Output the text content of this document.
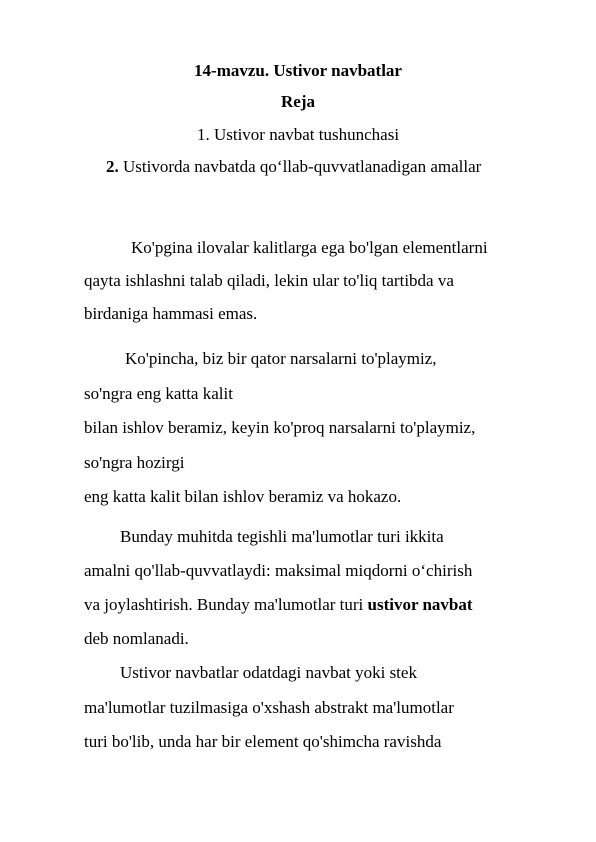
14-mavzu. Ustivor navbatlar
Reja
1. Ustivor navbat tushunchasi
2. Ustivorda navbatda qo‘llab-quvvatlanadigan amallar
Ko'pgina ilovalar kalitlarga ega bo'lgan elementlarni
qayta ishlashni talab qiladi, lekin ular to'liq tartibda va
birdaniga hammasi emas.
Ko'pincha, biz bir qator narsalarni to'playmiz,
so'ngra eng katta kalit
bilan ishlov beramiz, keyin ko'proq narsalarni to'playmiz,
so'ngra hozirgi
eng katta kalit bilan ishlov beramiz va hokazo.
Bunday muhitda tegishli ma'lumotlar turi ikkita
amalni qo'llab-quvvatlaydi: maksimal miqdorni o‘chirish
va joylashtirish. Bunday ma'lumotlar turi ustivor navbat
deb nomlanadi.
Ustivor navbatlar odatdagi navbat yoki stek
ma'lumotlar tuzilmasiga o'xshash abstrakt ma'lumotlar
turi bo'lib, unda har bir element qo'shimcha ravishda
